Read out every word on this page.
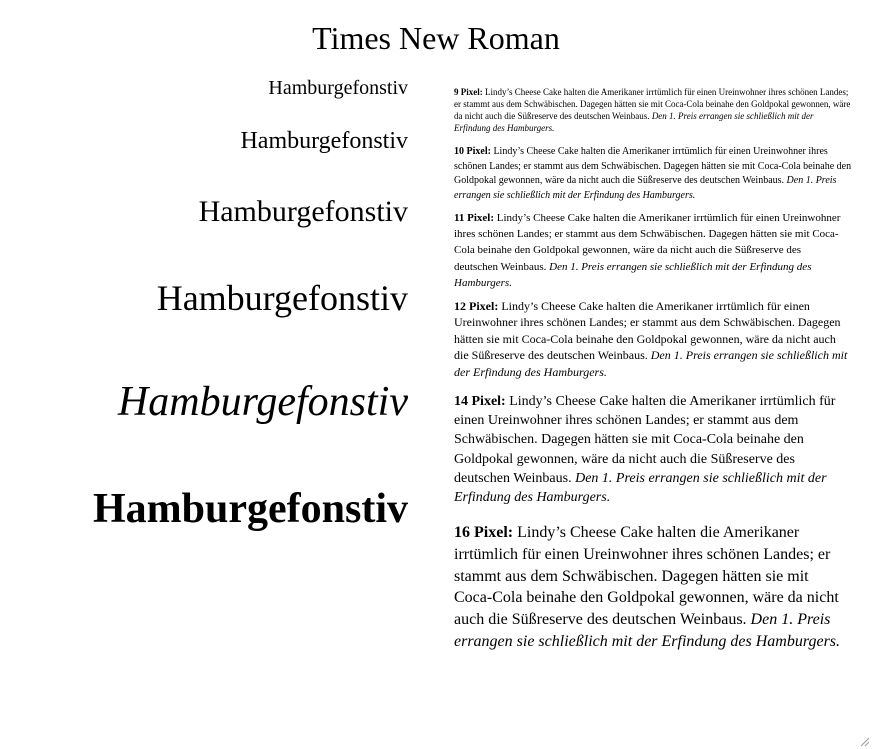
Times New Roman
Hamburgefonstiv
Hamburgefonstiv
Hamburgefonstiv
Hamburgefonstiv
Hamburgefonstiv
Hamburgefonstiv

9 Pixel: Lindy’s Cheese Cake halten die Amerikaner irrtümlich für einen Ureinwohner ihres schönen Landes; er stammt aus dem Schwäbischen. Dagegen hätten sie mit Coca-Cola beinahe den Goldpokal gewonnen, wäre da nicht auch die Süßreserve des deutschen Weinbaus. Den 1. Preis errangen sie schließlich mit der Erfindung des Hamburgers.

10 Pixel: Lindy’s Cheese Cake halten die Amerikaner irrtümlich für einen Ureinwohner ihres schönen Landes; er stammt aus dem Schwäbischen. Dagegen hätten sie mit Coca-Cola beinahe den Goldpokal gewonnen, wäre da nicht auch die Süßreserve des deutschen Weinbaus. Den 1. Preis errangen sie schließlich mit der Erfindung des Hamburgers.

11 Pixel: Lindy’s Cheese Cake halten die Amerikaner irrtümlich für einen Ureinwohner ihres schönen Landes; er stammt aus dem Schwäbischen. Dagegen hätten sie mit Coca-Cola beinahe den Goldpokal gewonnen, wäre da nicht auch die Süßreserve des deutschen Weinbaus. Den 1. Preis errangen sie schließlich mit der Erfindung des Hamburgers.

12 Pixel: Lindy’s Cheese Cake halten die Amerikaner irrtümlich für einen Ureinwohner ihres schönen Landes; er stammt aus dem Schwäbischen. Dagegen hätten sie mit Coca-Cola beinahe den Goldpokal gewonnen, wäre da nicht auch die Süßreserve des deutschen Weinbaus. Den 1. Preis errangen sie schließlich mit der Erfindung des Hamburgers.

14 Pixel: Lindy’s Cheese Cake halten die Amerikaner irrtümlich für einen Ureinwohner ihres schönen Landes; er stammt aus dem Schwäbischen. Dagegen hätten sie mit Coca-Cola beinahe den Goldpokal gewonnen, wäre da nicht auch die Süßreserve des deutschen Weinbaus. Den 1. Preis errangen sie schließlich mit der Erfindung des Hamburgers.

16 Pixel: Lindy’s Cheese Cake halten die Amerikaner irrtümlich für einen Ureinwohner ihres schönen Landes; er stammt aus dem Schwäbischen. Dagegen hätten sie mit Coca-Cola beinahe den Goldpokal gewonnen, wäre da nicht auch die Süßreserve des deutschen Weinbaus. Den 1. Preis errangen sie schließlich mit der Erfindung des Hamburgers.
